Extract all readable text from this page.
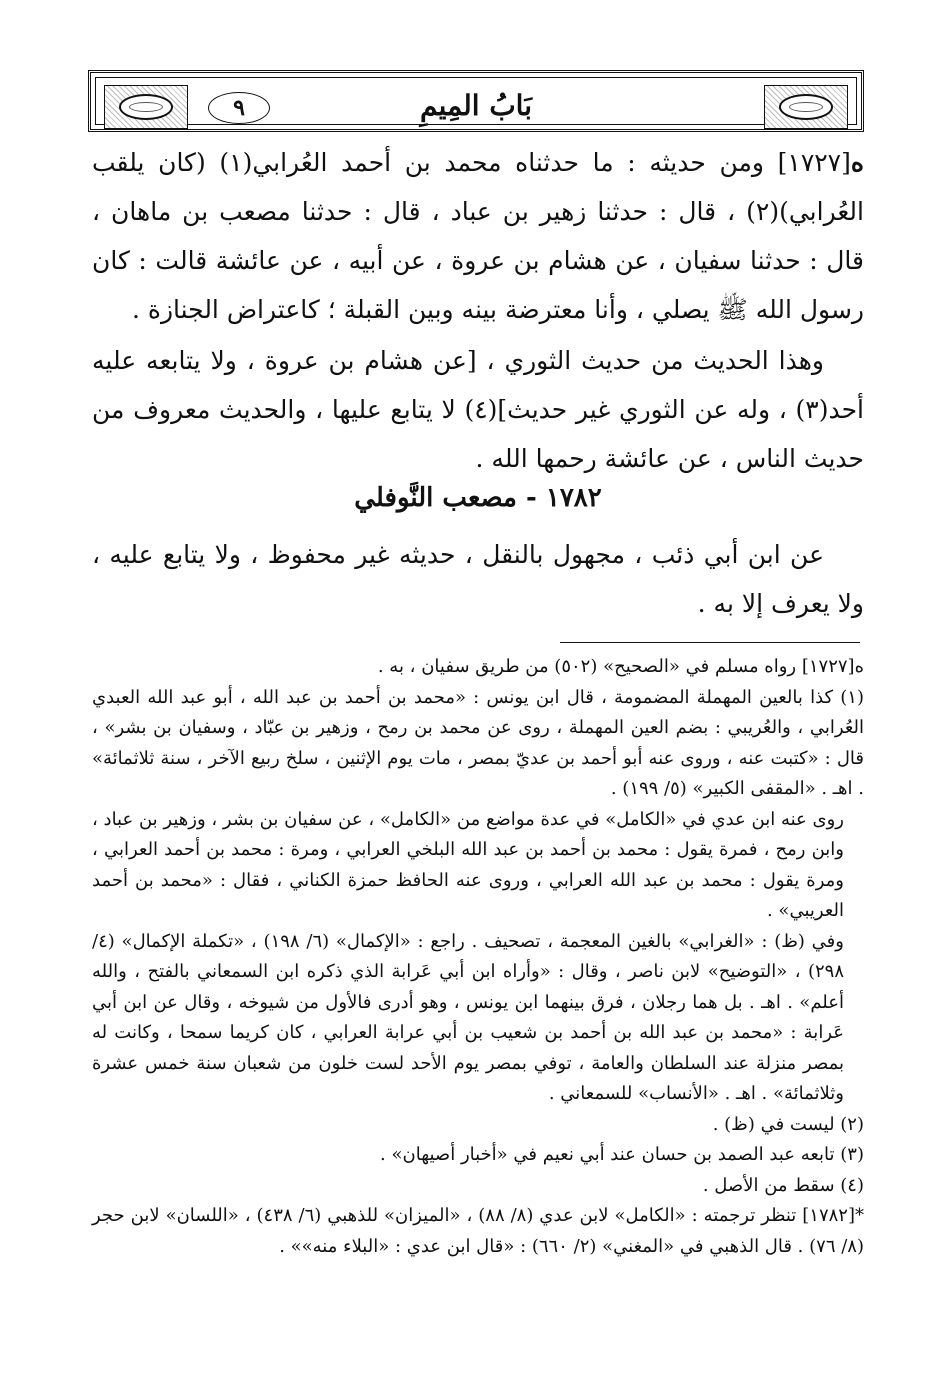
٩	بَابُ المِيمِ

ه[١٧٢٧] ومن حديثه : ما حدثناه محمد بن أحمد العُرابي(١) (كان يلقب العُرابي)(٢) ، قال : حدثنا زهير بن عباد ، قال : حدثنا مصعب بن ماهان ، قال : حدثنا سفيان ، عن هشام بن عروة ، عن أبيه ، عن عائشة قالت : كان رسول الله ﷺ يصلي ، وأنا معترضة بينه وبين القبلة ؛ كاعتراض الجنازة .

وهذا الحديث من حديث الثوري ، [عن هشام بن عروة ، ولا يتابعه عليه أحد(٣) ، وله عن الثوري غير حديث](٤) لا يتابع عليها ، والحديث معروف من حديث الناس ، عن عائشة رحمها الله .

١٧٨٢ - مصعب النَّوفلي

عن ابن أبي ذئب ، مجهول بالنقل ، حديثه غير محفوظ ، ولا يتابع عليه ، ولا يعرف إلا به .

ه[١٧٢٧] رواه مسلم في «الصحيح» (٥٠٢) من طريق سفيان ، به .

(١) كذا بالعين المهملة المضمومة ، قال ابن يونس : «محمد بن أحمد بن عبد الله ، أبو عبد الله العبدي العُرابي ، والعُريبي : بضم العين المهملة ، روى عن محمد بن رمح ، وزهير بن عبّاد ، وسفيان بن بشر» ، قال : «كتبت عنه ، وروى عنه أبو أحمد بن عديّ بمصر ، مات يوم الإثنين ، سلخ ربيع الآخر ، سنة ثلاثمائة» . اهـ . «المقفى الكبير» (٥/ ١٩٩) .

روى عنه ابن عدي في «الكامل» في عدة مواضع من «الكامل» ، عن سفيان بن بشر ، وزهير بن عباد ، وابن رمح ، فمرة يقول : محمد بن أحمد بن عبد الله البلخي العرابي ، ومرة : محمد بن أحمد العرابي ، ومرة يقول : محمد بن عبد الله العرابي ، وروى عنه الحافظ حمزة الكناني ، فقال : «محمد بن أحمد العريبي» .

وفي (ظ) : «الغرابي» بالغين المعجمة ، تصحيف . راجع : «الإكمال» (٦/ ١٩٨) ، «تكملة الإكمال» (٤/ ٢٩٨) ، «التوضيح» لابن ناصر ، وقال : «وأراه ابن أبي عَرابة الذي ذكره ابن السمعاني بالفتح ، والله أعلم» . اهـ . بل هما رجلان ، فرق بينهما ابن يونس ، وهو أدرى فالأول من شيوخه ، وقال عن ابن أبي عَرابة : «محمد بن عبد الله بن أحمد بن شعيب بن أبي عرابة العرابي ، كان كريما سمحا ، وكانت له بمصر منزلة عند السلطان والعامة ، توفي بمصر يوم الأحد لست خلون من شعبان سنة خمس عشرة وثلاثمائة» . اهـ . «الأنساب» للسمعاني .

(٢) ليست في (ظ) .

(٣) تابعه عبد الصمد بن حسان عند أبي نعيم في «أخبار أصيهان» .

(٤) سقط من الأصل .

*[١٧٨٢] تنظر ترجمته : «الكامل» لابن عدي (٨/ ٨٨) ، «الميزان» للذهبي (٦/ ٤٣٨) ، «اللسان» لابن حجر (٨/ ٧٦) . قال الذهبي في «المغني» (٢/ ٦٦٠) : «قال ابن عدي : «البلاء منه»» .
